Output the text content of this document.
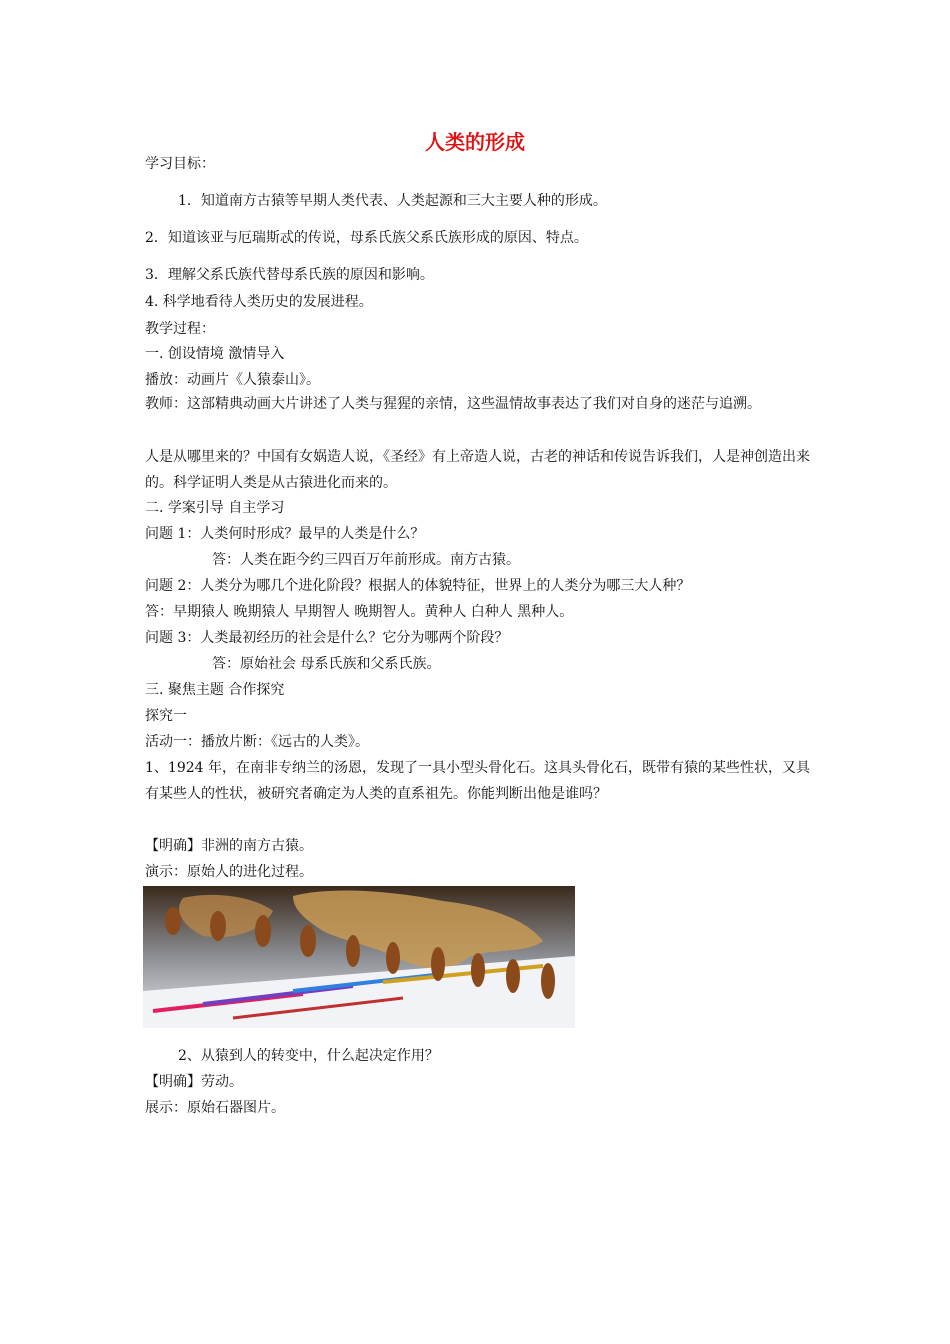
人类的形成
学习目标：
1．知道南方古猿等早期人类代表、人类起源和三大主要人种的形成。
2．知道该亚与厄瑞斯忒的传说，母系氏族父系氏族形成的原因、特点。
3．理解父系氏族代替母系氏族的原因和影响。
4. 科学地看待人类历史的发展进程。
教学过程：
一. 创设情境 激情导入
播放：动画片《人猿泰山》。
教师：这部精典动画大片讲述了人类与猩猩的亲情，这些温情故事表达了我们对自身的迷茫与追溯。
人是从哪里来的？中国有女娲造人说，《圣经》有上帝造人说，古老的神话和传说告诉我们，人是神创造出来的。科学证明人类是从古猿进化而来的。
二. 学案引导 自主学习
问题 1：人类何时形成？最早的人类是什么？
答：人类在距今约三四百万年前形成。南方古猿。
问题 2：人类分为哪几个进化阶段？根据人的体貌特征，世界上的人类分为哪三大人种？
答：早期猿人 晚期猿人 早期智人 晚期智人。黄种人 白种人 黑种人。
问题 3：人类最初经历的社会是什么？它分为哪两个阶段？
答：原始社会 母系氏族和父系氏族。
三. 聚焦主题 合作探究
探究一
活动一：播放片断：《远古的人类》。
1、1924 年，在南非专纳兰的汤恩，发现了一具小型头骨化石。这具头骨化石，既带有猿的某些性状，又具有某些人的性状，被研究者确定为人类的直系祖先。你能判断出他是谁吗？
【明确】非洲的南方古猿。
演示：原始人的进化过程。
2、从猿到人的转变中，什么起决定作用？
【明确】劳动。
展示：原始石器图片。
